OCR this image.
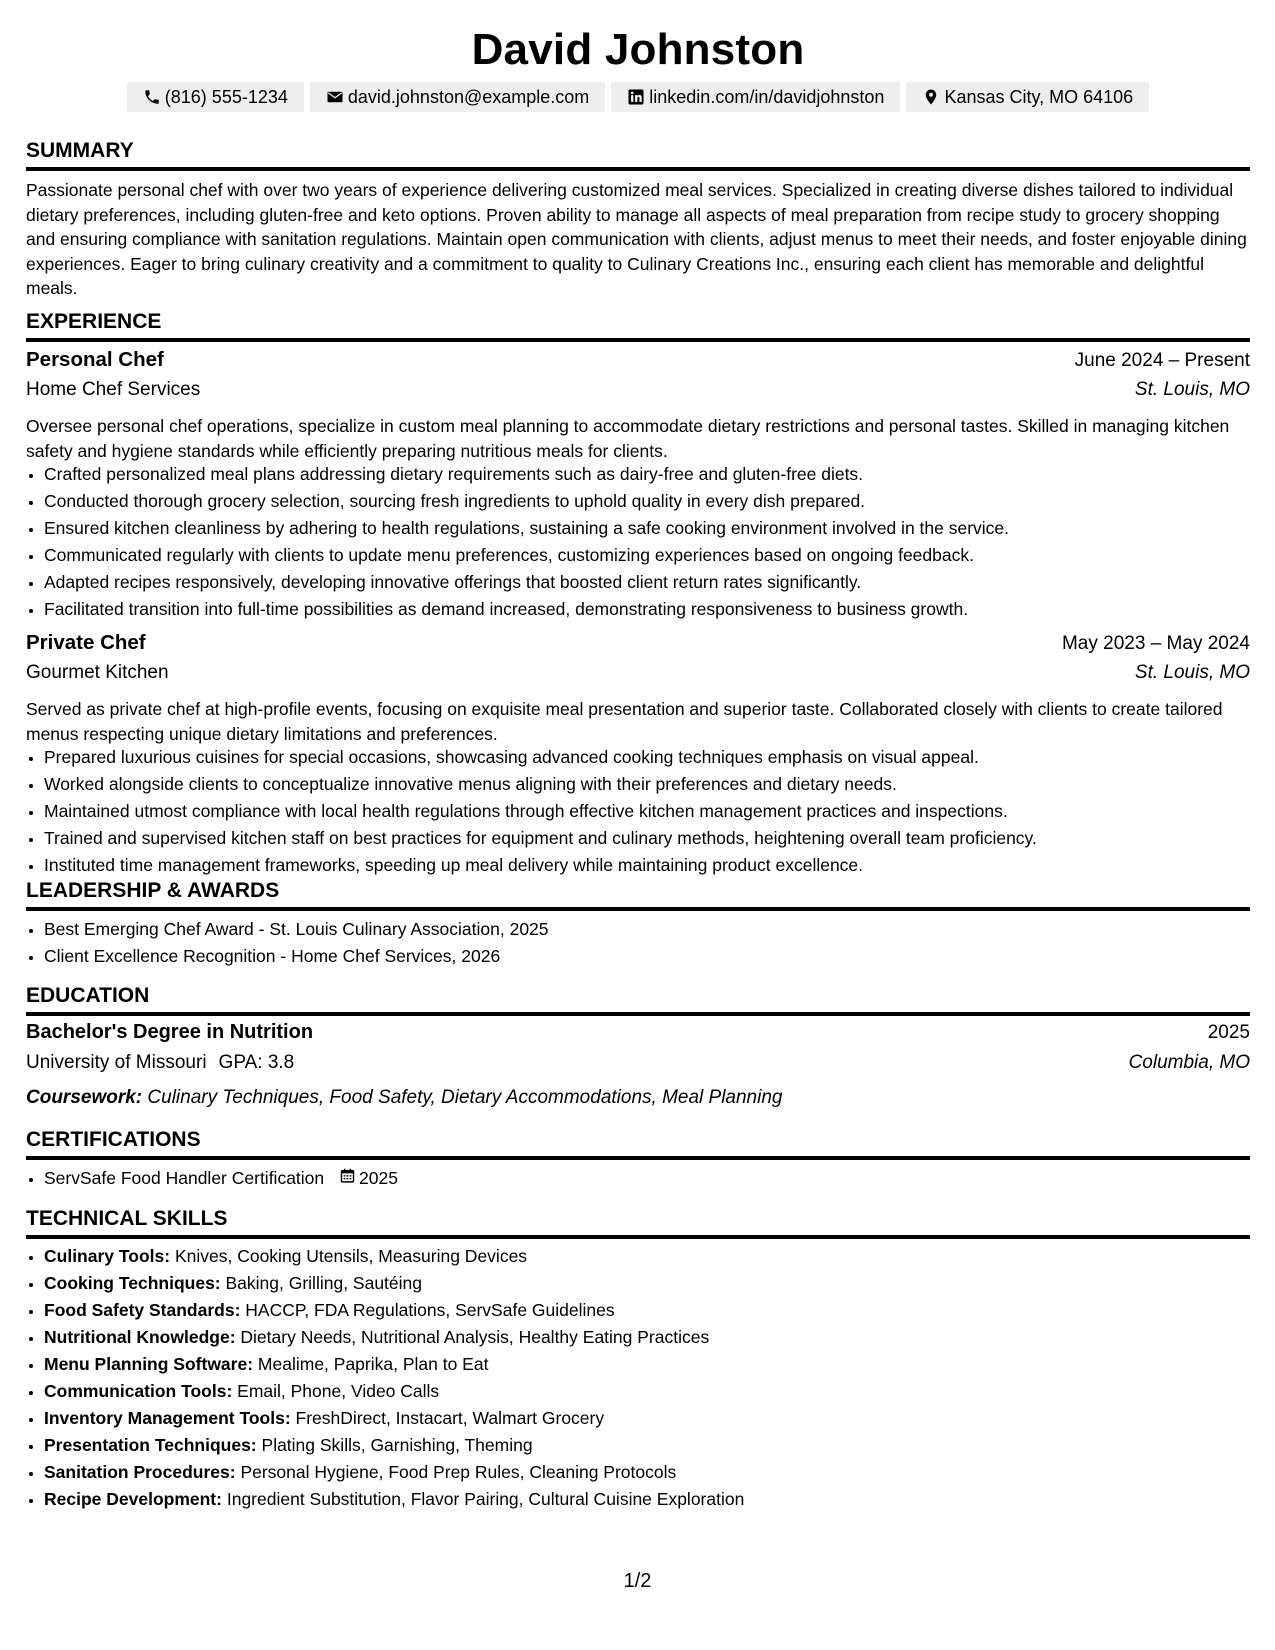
David Johnston
(816) 555-1234	david.johnston@example.com	linkedin.com/in/davidjohnston	Kansas City, MO 64106
SUMMARY
Passionate personal chef with over two years of experience delivering customized meal services. Specialized in creating diverse dishes tailored to individual dietary preferences, including gluten-free and keto options. Proven ability to manage all aspects of meal preparation from recipe study to grocery shopping and ensuring compliance with sanitation regulations. Maintain open communication with clients, adjust menus to meet their needs, and foster enjoyable dining experiences. Eager to bring culinary creativity and a commitment to quality to Culinary Creations Inc., ensuring each client has memorable and delightful meals.
EXPERIENCE
Personal Chef	June 2024 – Present
Home Chef Services	St. Louis, MO
Oversee personal chef operations, specialize in custom meal planning to accommodate dietary restrictions and personal tastes. Skilled in managing kitchen safety and hygiene standards while efficiently preparing nutritious meals for clients.
• Crafted personalized meal plans addressing dietary requirements such as dairy-free and gluten-free diets.
• Conducted thorough grocery selection, sourcing fresh ingredients to uphold quality in every dish prepared.
• Ensured kitchen cleanliness by adhering to health regulations, sustaining a safe cooking environment involved in the service.
• Communicated regularly with clients to update menu preferences, customizing experiences based on ongoing feedback.
• Adapted recipes responsively, developing innovative offerings that boosted client return rates significantly.
• Facilitated transition into full-time possibilities as demand increased, demonstrating responsiveness to business growth.
Private Chef	May 2023 – May 2024
Gourmet Kitchen	St. Louis, MO
Served as private chef at high-profile events, focusing on exquisite meal presentation and superior taste. Collaborated closely with clients to create tailored menus respecting unique dietary limitations and preferences.
• Prepared luxurious cuisines for special occasions, showcasing advanced cooking techniques emphasis on visual appeal.
• Worked alongside clients to conceptualize innovative menus aligning with their preferences and dietary needs.
• Maintained utmost compliance with local health regulations through effective kitchen management practices and inspections.
• Trained and supervised kitchen staff on best practices for equipment and culinary methods, heightening overall team proficiency.
• Instituted time management frameworks, speeding up meal delivery while maintaining product excellence.
LEADERSHIP & AWARDS
• Best Emerging Chef Award - St. Louis Culinary Association, 2025
• Client Excellence Recognition - Home Chef Services, 2026
EDUCATION
Bachelor's Degree in Nutrition	2025
University of Missouri GPA: 3.8	Columbia, MO
Coursework: Culinary Techniques, Food Safety, Dietary Accommodations, Meal Planning
CERTIFICATIONS
• ServSafe Food Handler Certification 2025
TECHNICAL SKILLS
• Culinary Tools: Knives, Cooking Utensils, Measuring Devices
• Cooking Techniques: Baking, Grilling, Sautéing
• Food Safety Standards: HACCP, FDA Regulations, ServSafe Guidelines
• Nutritional Knowledge: Dietary Needs, Nutritional Analysis, Healthy Eating Practices
• Menu Planning Software: Mealime, Paprika, Plan to Eat
• Communication Tools: Email, Phone, Video Calls
• Inventory Management Tools: FreshDirect, Instacart, Walmart Grocery
• Presentation Techniques: Plating Skills, Garnishing, Theming
• Sanitation Procedures: Personal Hygiene, Food Prep Rules, Cleaning Protocols
• Recipe Development: Ingredient Substitution, Flavor Pairing, Cultural Cuisine Exploration
1/2
